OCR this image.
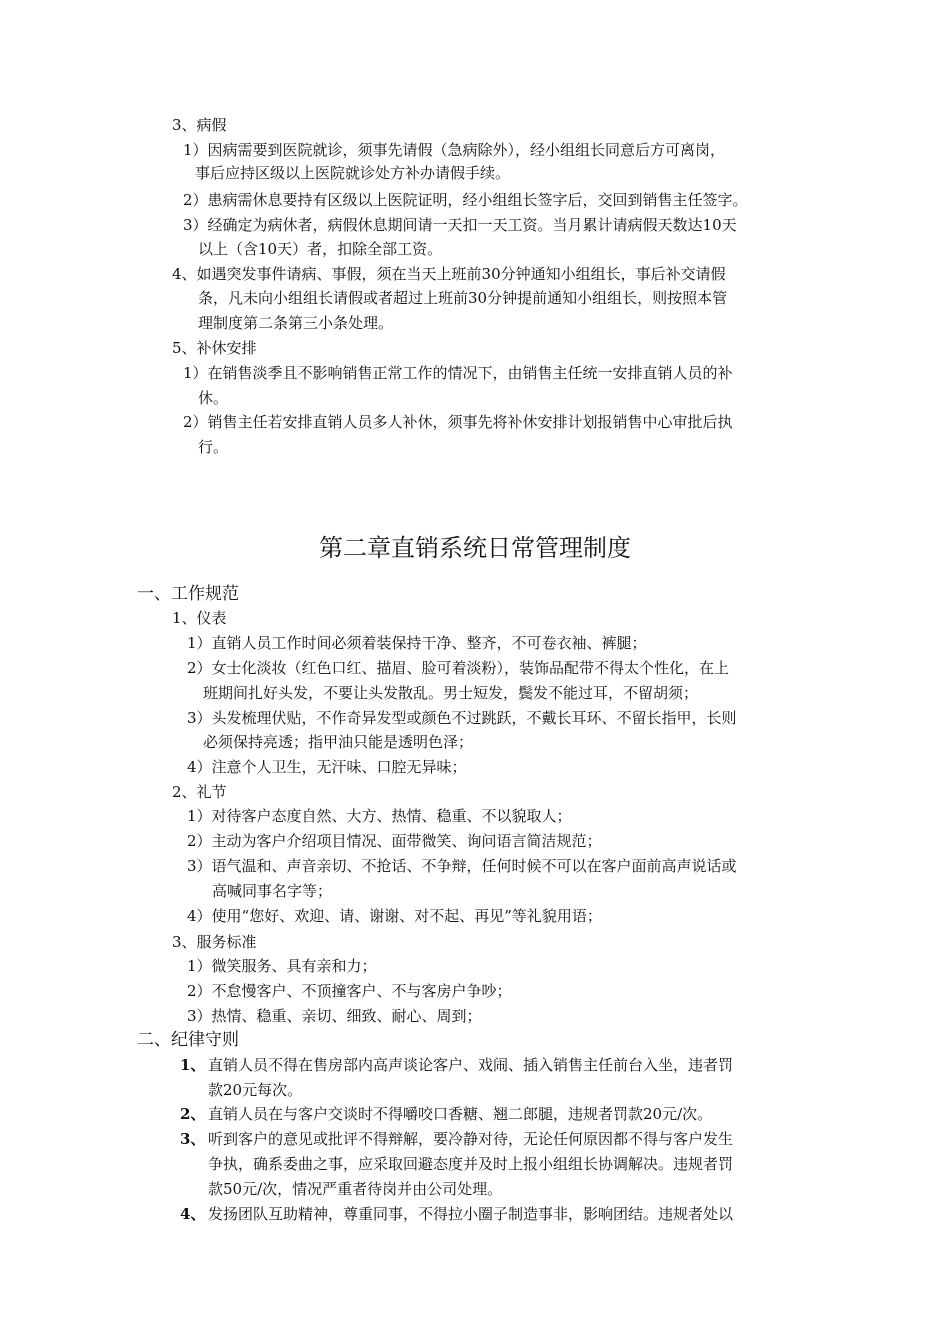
3、病假
1）因病需要到医院就诊，须事先请假（急病除外），经小组组长同意后方可离岗，
事后应持区级以上医院就诊处方补办请假手续。
2）患病需休息要持有区级以上医院证明，经小组组长签字后，交回到销售主任签字。
3）经确定为病休者，病假休息期间请一天扣一天工资。当月累计请病假天数达10天
以上（含10天）者，扣除全部工资。
4、如遇突发事件请病、事假，须在当天上班前30分钟通知小组组长，事后补交请假
条，凡未向小组组长请假或者超过上班前30分钟提前通知小组组长，则按照本管
理制度第二条第三小条处理。
5、补休安排
1）在销售淡季且不影响销售正常工作的情况下，由销售主任统一安排直销人员的补
休。
2）销售主任若安排直销人员多人补休，须事先将补休安排计划报销售中心审批后执
行。
第二章直销系统日常管理制度
一、工作规范
1、仪表
1）直销人员工作时间必须着装保持干净、整齐，不可卷衣袖、裤腿；
2）女士化淡妆（红色口红、描眉、脸可着淡粉），装饰品配带不得太个性化，在上
班期间扎好头发，不要让头发散乱。男士短发，鬓发不能过耳，不留胡须；
3）头发梳理伏贴，不作奇异发型或颜色不过跳跃，不戴长耳环、不留长指甲，长则
必须保持亮透；指甲油只能是透明色泽；
4）注意个人卫生，无汗味、口腔无异味；
2、礼节
1）对待客户态度自然、大方、热情、稳重、不以貌取人；
2）主动为客户介绍项目情况、面带微笑、询问语言简洁规范；
3）语气温和、声音亲切、不抢话、不争辩，任何时候不可以在客户面前高声说话或
高喊同事名字等；
4）使用“您好、欢迎、请、谢谢、对不起、再见”等礼貌用语；
3、服务标准
1）微笑服务、具有亲和力；
2）不怠慢客户、不顶撞客户、不与客房户争吵；
3）热情、稳重、亲切、细致、耐心、周到；
二、纪律守则
1、 直销人员不得在售房部内高声谈论客户、戏闹、插入销售主任前台入坐，违者罚
款20元每次。
2、 直销人员在与客户交谈时不得嚼咬口香糖、翘二郎腿，违规者罚款20元/次。
3、 听到客户的意见或批评不得辩解，要冷静对待，无论任何原因都不得与客户发生
争执，确系委曲之事，应采取回避态度并及时上报小组组长协调解决。违规者罚
款50元/次，情况严重者待岗并由公司处理。
4、 发扬团队互助精神，尊重同事，不得拉小圈子制造事非，影响团结。违规者处以
